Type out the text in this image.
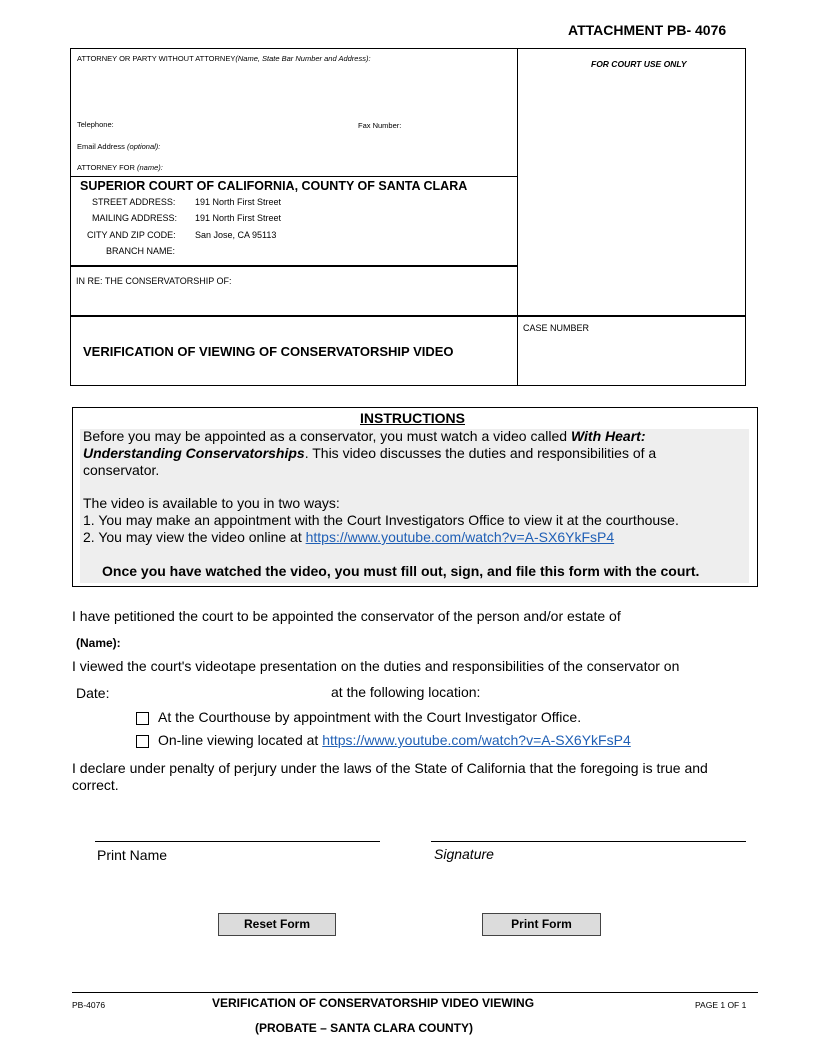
ATTACHMENT PB- 4076
ATTORNEY OR PARTY WITHOUT ATTORNEY(Name, State Bar Number and Address):
Telephone:	Fax Number:
Email Address (optional):
ATTORNEY FOR (name):
FOR COURT USE ONLY
SUPERIOR COURT OF CALIFORNIA, COUNTY OF SANTA CLARA
STREET ADDRESS: 191 North First Street
MAILING ADDRESS: 191 North First Street
CITY AND ZIP CODE: San Jose, CA 95113
BRANCH NAME:
IN RE: THE CONSERVATORSHIP OF:
VERIFICATION OF VIEWING OF CONSERVATORSHIP VIDEO
CASE NUMBER
INSTRUCTIONS
Before you may be appointed as a conservator, you must watch a video called With Heart: Understanding Conservatorships. This video discusses the duties and responsibilities of a conservator.
The video is available to you in two ways:
1. You may make an appointment with the Court Investigators Office to view it at the courthouse.
2. You may view the video online at https://www.youtube.com/watch?v=A-SX6YkFsP4
Once you have watched the video, you must fill out, sign, and file this form with the court.
I have petitioned the court to be appointed the conservator of the person and/or estate of
(Name):
I viewed the court's videotape presentation on the duties and responsibilities of the conservator on
Date:	at the following location:
At the Courthouse by appointment with the Court Investigator Office.
On-line viewing located at https://www.youtube.com/watch?v=A-SX6YkFsP4
I declare under penalty of perjury under the laws of the State of California that the foregoing is true and correct.
Print Name	Signature
Reset Form	Print Form
PB-4076	VERIFICATION OF CONSERVATORSHIP VIDEO VIEWING	PAGE 1 OF 1
(PROBATE – SANTA CLARA COUNTY)
